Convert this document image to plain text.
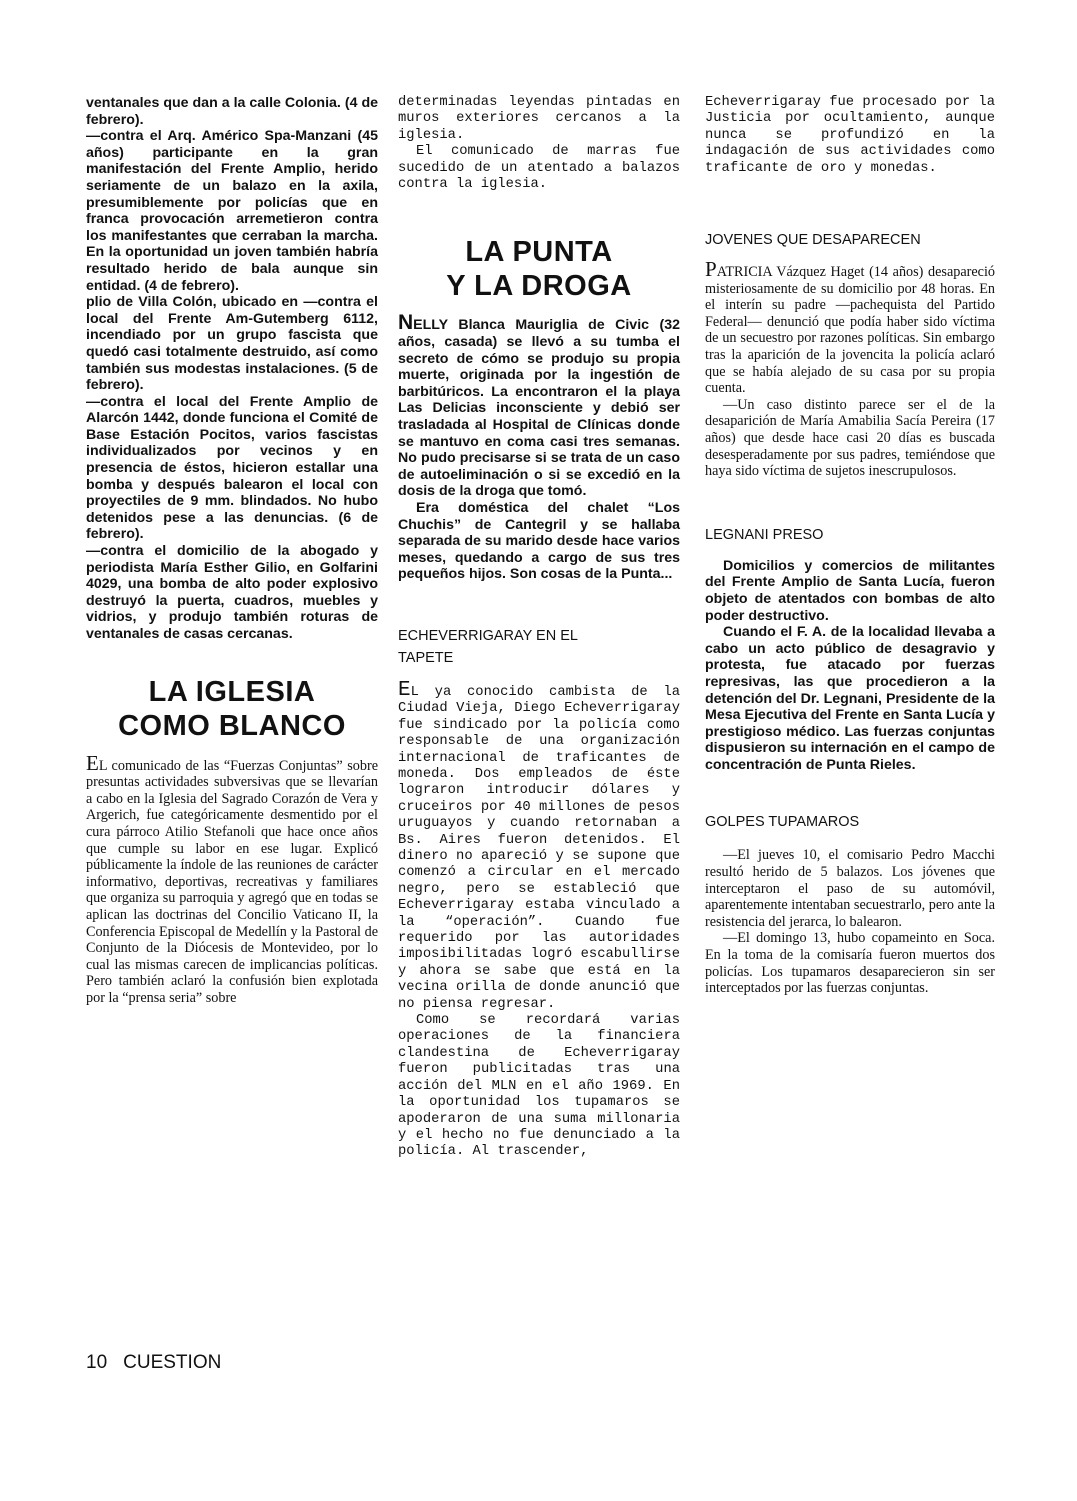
ventanales que dan a la calle Colonia. (4 de febrero).

—contra el Arq. Américo Spa-Manzani (45 años) participante en la gran manifestación del Frente Amplio, herido seriamente de un balazo en la axila, presumiblemente por policías que en franca provocación arremetieron contra los manifestantes que cerraban la marcha. En la oportunidad un joven también habría resultado herido de bala aunque sin entidad. (4 de febrero).

plio de Villa Colón, ubicado en —contra el local del Frente Am-Gutemberg 6112, incendiado por un grupo fascista que quedó casi totalmente destruido, así como también sus modestas instalaciones. (5 de febrero).

—contra el local del Frente Amplio de Alarcón 1442, donde funciona el Comité de Base Estación Pocitos, varios fascistas individualizados por vecinos y en presencia de éstos, hicieron estallar una bomba y después balearon el local con proyectiles de 9 mm. blindados. No hubo detenidos pese a las denuncias. (6 de febrero).

—contra el domicilio de la abogado y periodista María Esther Gilio, en Golfarini 4029, una bomba de alto poder explosivo destruyó la puerta, cuadros, muebles y vidrios, y produjo también roturas de ventanales de casas cercanas.

LA IGLESIA
COMO BLANCO

EL comunicado de las “Fuerzas Conjuntas” sobre presuntas actividades subversivas que se llevarían a cabo en la Iglesia del Sagrado Corazón de Vera y Argerich, fue categóricamente desmentido por el cura párroco Atilio Stefanoli que hace once años que cumple su labor en ese lugar. Explicó públicamente la índole de las reuniones de carácter informativo, deportivas, recreativas y familiares que organiza su parroquia y agregó que en todas se aplican las doctrinas del Concilio Vaticano II, la Conferencia Episcopal de Medellín y la Pastoral de Conjunto de la Diócesis de Montevideo, por lo cual las mismas carecen de implicancias políticas. Pero también aclaró la confusión bien explotada por la “prensa seria” sobre

determinadas leyendas pintadas en muros exteriores cercanos a la iglesia.

El comunicado de marras fue sucedido de un atentado a balazos contra la iglesia.

LA PUNTA
Y LA DROGA

NELLY Blanca Mauriglia de Civic (32 años, casada) se llevó a su tumba el secreto de cómo se produjo su propia muerte, originada por la ingestión de barbitúricos. La encontraron el la playa Las Delicias inconsciente y debió ser trasladada al Hospital de Clínicas donde se mantuvo en coma casi tres semanas. No pudo precisarse si se trata de un caso de autoeliminación o si se excedió en la dosis de la droga que tomó.

Era doméstica del chalet “Los Chuchis” de Cantegril y se hallaba separada de su marido desde hace varios meses, quedando a cargo de sus tres pequeños hijos. Son cosas de la Punta...

ECHEVERRIGARAY EN EL TAPETE

EL ya conocido cambista de la Ciudad Vieja, Diego Echeverrigaray fue sindicado por la policía como responsable de una organización internacional de traficantes de moneda. Dos empleados de éste lograron introducir dólares y cruceiros por 40 millones de pesos uruguayos y cuando retornaban a Bs. Aires fueron detenidos. El dinero no apareció y se supone que comenzó a circular en el mercado negro, pero se estableció que Echeverrigaray estaba vinculado a la “operación”. Cuando fue requerido por las autoridades imposibilitadas logró escabullirse y ahora se sabe que está en la vecina orilla de donde anunció que no piensa regresar.

Como se recordará varias operaciones de la financiera clandestina de Echeverrigaray fueron publicitadas tras una acción del MLN en el año 1969. En la oportunidad los tupamaros se apoderaron de una suma millonaria y el hecho no fue denunciado a la policía. Al trascender,

Echeverrigaray fue procesado por la Justicia por ocultamiento, aunque nunca se profundizó en la indagación de sus actividades como traficante de oro y monedas.

JOVENES QUE DESAPARECEN

PATRICIA Vázquez Haget (14 años) desapareció misteriosamente de su domicilio por 48 horas. En el interín su padre —pachequista del Partido Federal— denunció que podía haber sido víctima de un secuestro por razones políticas. Sin embargo tras la aparición de la jovencita la policía aclaró que se había alejado de su casa por su propia cuenta.

—Un caso distinto parece ser el de la desaparición de María Amabilia Sacía Pereira (17 años) que desde hace casi 20 días es buscada desesperadamente por sus padres, temiéndose que haya sido víctima de sujetos inescrupulosos.

LEGNANI PRESO

Domicilios y comercios de militantes del Frente Amplio de Santa Lucía, fueron objeto de atentados con bombas de alto poder destructivo.

Cuando el F. A. de la localidad llevaba a cabo un acto público de desagravio y protesta, fue atacado por fuerzas represivas, las que procedieron a la detención del Dr. Legnani, Presidente de la Mesa Ejecutiva del Frente en Santa Lucía y prestigioso médico. Las fuerzas conjuntas dispusieron su internación en el campo de concentración de Punta Rieles.

GOLPES TUPAMAROS

—El jueves 10, el comisario Pedro Macchi resultó herido de 5 balazos. Los jóvenes que interceptaron el paso de su automóvil, aparentemente intentaban secuestrarlo, pero ante la resistencia del jerarca, lo balearon.

—El domingo 13, hubo copameinto en Soca. En la toma de la comisaría fueron muertos dos policías. Los tupamaros desaparecieron sin ser interceptados por las fuerzas conjuntas.

10 CUESTION
